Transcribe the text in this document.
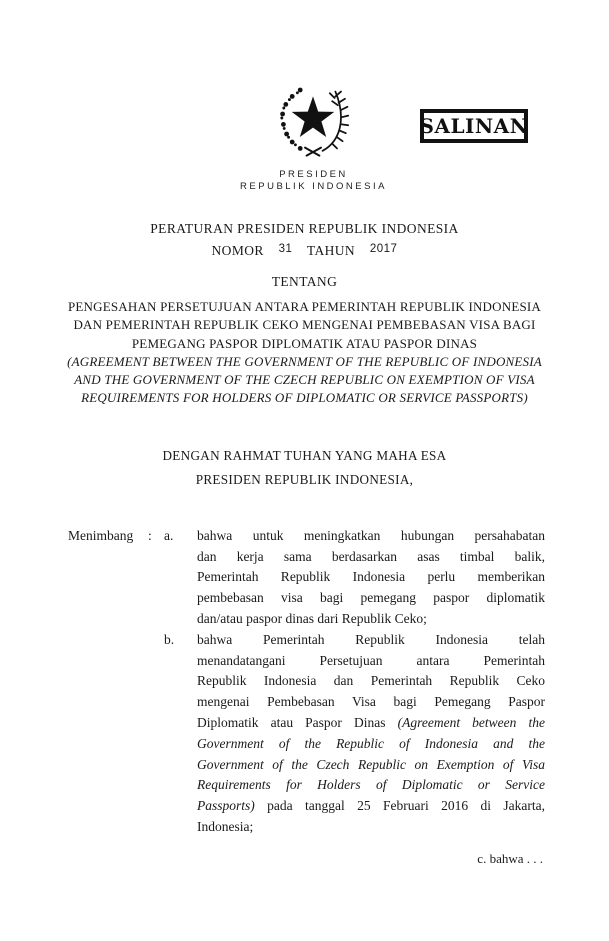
SALINAN
PRESIDEN
REPUBLIK INDONESIA
PERATURAN PRESIDEN REPUBLIK INDONESIA
NOMOR 31 TAHUN 2017
TENTANG
PENGESAHAN PERSETUJUAN ANTARA PEMERINTAH REPUBLIK INDONESIA
DAN PEMERINTAH REPUBLIK CEKO MENGENAI PEMBEBASAN VISA BAGI
PEMEGANG PASPOR DIPLOMATIK ATAU PASPOR DINAS
(AGREEMENT BETWEEN THE GOVERNMENT OF THE REPUBLIC OF INDONESIA
AND THE GOVERNMENT OF THE CZECH REPUBLIC ON EXEMPTION OF VISA
REQUIREMENTS FOR HOLDERS OF DIPLOMATIC OR SERVICE PASSPORTS)
DENGAN RAHMAT TUHAN YANG MAHA ESA
PRESIDEN REPUBLIK INDONESIA,
Menimbang	: a.	bahwa untuk meningkatkan hubungan persahabatan
dan kerja sama berdasarkan asas timbal balik,
Pemerintah Republik Indonesia perlu memberikan
pembebasan visa bagi pemegang paspor diplomatik
dan/atau paspor dinas dari Republik Ceko;
b.	bahwa Pemerintah Republik Indonesia telah
menandatangani Persetujuan antara Pemerintah
Republik Indonesia dan Pemerintah Republik Ceko
mengenai Pembebasan Visa bagi Pemegang Paspor
Diplomatik atau Paspor Dinas (Agreement between the
Government of the Republic of Indonesia and the
Government of the Czech Republic on Exemption of Visa
Requirements for Holders of Diplomatic or Service
Passports) pada tanggal 25 Februari 2016 di Jakarta,
Indonesia;
c. bahwa . . .
